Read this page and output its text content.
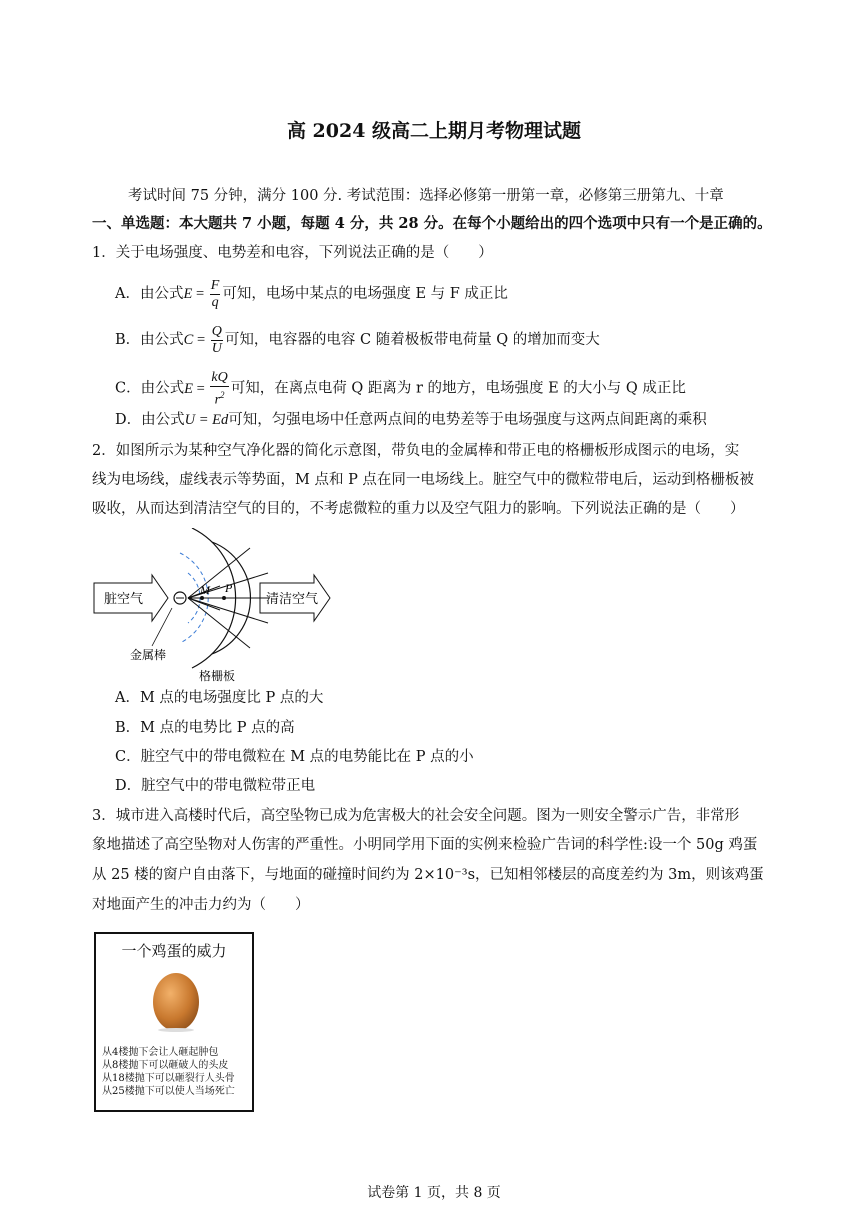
高 2024 级高二上期月考物理试题
考试时间 75 分钟，满分 100 分. 考试范围：选择必修第一册第一章，必修第三册第九、十章
一、单选题：本大题共 7 小题，每题 4 分，共 28 分。在每个小题给出的四个选项中只有一个是正确的。
1．关于电场强度、电势差和电容，下列说法正确的是（　　）
A．由公式$E = \frac{F}{q}$ 可知，电场中某点的电场强度 E 与 F 成正比
B．由公式$C = \frac{Q}{U}$ 可知，电容器的电容 C 随着极板带电荷量 Q 的增加而变大
C．由公式$E = \frac{kQ}{r^2}$ 可知，在离点电荷 Q 距离为 r 的地方，电场强度 E 的大小与 Q 成正比
D．由公式U = Ed可知，匀强电场中任意两点间的电势差等于电场强度与这两点间距离的乘积
2．如图所示为某种空气净化器的简化示意图，带负电的金属棒和带正电的格栅板形成图示的电场，实
线为电场线，虚线表示等势面，M 点和 P 点在同一电场线上。脏空气中的微粒带电后，运动到格栅板被
吸收，从而达到清洁空气的目的，不考虑微粒的重力以及空气阻力的影响。下列说法正确的是（　　）
脏空气
金属棒
M P
清洁空气
格栅板
A．M 点的电场强度比 P 点的大
B．M 点的电势比 P 点的高
C．脏空气中的带电微粒在 M 点的电势能比在 P 点的小
D．脏空气中的带电微粒带正电
3．城市进入高楼时代后，高空坠物已成为危害极大的社会安全问题。图为一则安全警示广告，非常形
象地描述了高空坠物对人伤害的严重性。小明同学用下面的实例来检验广告词的科学性:设一个 50g 鸡蛋
从 25 楼的窗户自由落下，与地面的碰撞时间约为 2×10⁻³s，已知相邻楼层的高度差约为 3m，则该鸡蛋
对地面产生的冲击力约为（　　）
一个鸡蛋的威力
从4楼抛下会让人砸起肿包
从8楼抛下可以砸破人的头皮
从18楼抛下可以砸裂行人头骨
从25楼抛下可以使人当场死亡
试卷第 1 页，共 8 页
